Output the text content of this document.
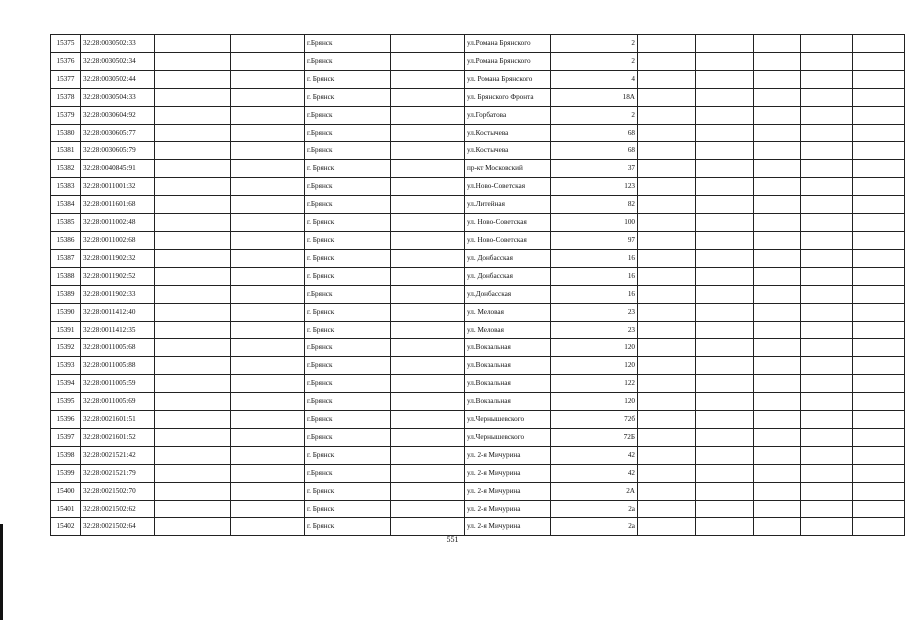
15375	32:28:0030502:33			г.Брянск		ул.Романа Брянского	2					
15376	32:28:0030502:34			г.Брянск		ул.Романа Брянского	2					
15377	32:28:0030502:44			г. Брянск		ул. Романа Брянского	4					
15378	32:28:0030504:33			г. Брянск		ул. Брянского Фронта	18А					
15379	32:28:0030604:92			г.Брянск		ул.Горбатова	2					
15380	32:28:0030605:77			г.Брянск		ул.Костычева	68					
15381	32:28:0030605:79			г.Брянск		ул.Костычева	68					
15382	32:28:0040845:91			г. Брянск		пр-кт Московский	37					
15383	32:28:0011001:32			г.Брянск		ул.Ново-Советская	123					
15384	32:28:0011601:68			г.Брянск		ул.Литейная	82					
15385	32:28:0011002:48			г. Брянск		ул. Ново-Советская	100					
15386	32:28:0011002:68			г. Брянск		ул. Ново-Советская	97					
15387	32:28:0011902:32			г. Брянск		ул. Донбасская	16					
15388	32:28:0011902:52			г. Брянск		ул. Донбасская	16					
15389	32:28:0011902:33			г.Брянск		ул.Донбасская	16					
15390	32:28:0011412:40			г. Брянск		ул. Меловая	23					
15391	32:28:0011412:35			г. Брянск		ул. Меловая	23					
15392	32:28:0011005:68			г.Брянск		ул.Вокзальная	120					
15393	32:28:0011005:88			г.Брянск		ул.Вокзальная	120					
15394	32:28:0011005:59			г.Брянск		ул.Вокзальная	122					
15395	32:28:0011005:69			г.Брянск		ул.Вокзальная	120					
15396	32:28:0021601:51			г.Брянск		ул.Чернышевского	72б					
15397	32:28:0021601:52			г.Брянск		ул.Чернышевского	72Б					
15398	32:28:0021521:42			г. Брянск		ул. 2-я Мичурина	42					
15399	32:28:0021521:79			г.Брянск		ул. 2-я Мичурина	42					
15400	32:28:0021502:70			г. Брянск		ул. 2-я Мичурина	2А					
15401	32:28:0021502:62			г. Брянск		ул. 2-я Мичурина	2а					
15402	32:28:0021502:64			г. Брянск		ул. 2-я Мичурина	2а					
551
